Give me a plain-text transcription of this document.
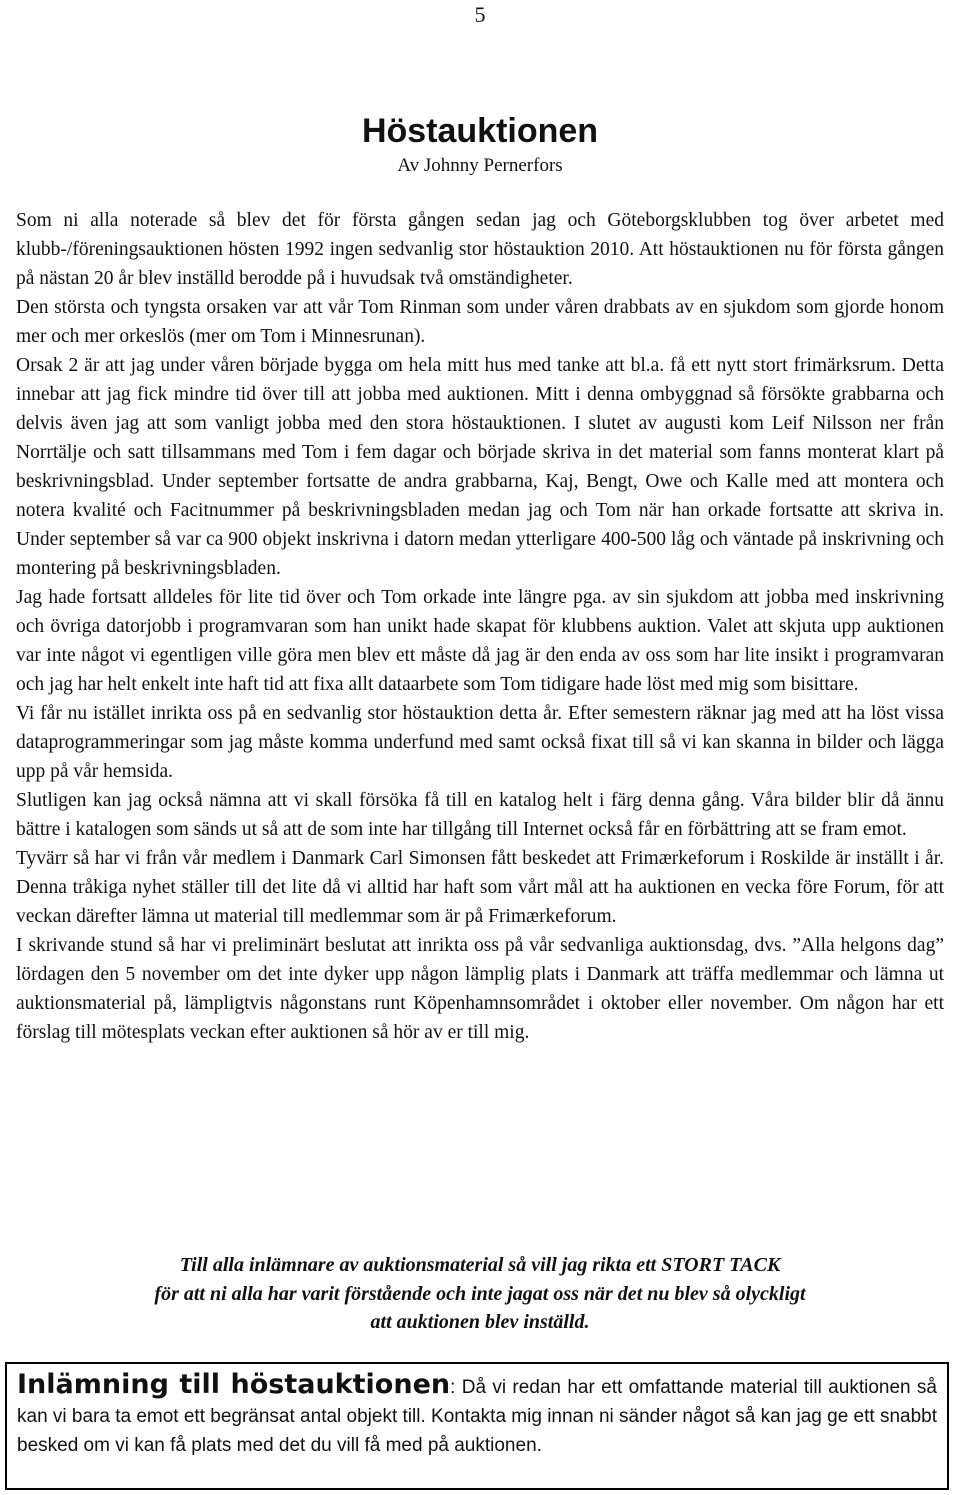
5
Höstauktionen
Av Johnny Pernerfors

Som ni alla noterade så blev det för första gången sedan jag och Göteborgsklubben tog över arbetet med klubb-/föreningsauktionen hösten 1992 ingen sedvanlig stor höstauktion 2010. Att höstauktionen nu för första gången på nästan 20 år blev inställd berodde på i huvudsak två omständigheter.

Den största och tyngsta orsaken var att vår Tom Rinman som under våren drabbats av en sjukdom som gjorde honom mer och mer orkeslös (mer om Tom i Minnesrunan).

Orsak 2 är att jag under våren började bygga om hela mitt hus med tanke att bl.a. få ett nytt stort frimärksrum. Detta innebar att jag fick mindre tid över till att jobba med auktionen. Mitt i denna ombyggnad så försökte grabbarna och delvis även jag att som vanligt jobba med den stora höstauktionen. I slutet av augusti kom Leif Nilsson ner från Norrtälje och satt tillsammans med Tom i fem dagar och började skriva in det material som fanns monterat klart på beskrivningsblad. Under september fortsatte de andra grabbarna, Kaj, Bengt, Owe och Kalle med att montera och notera kvalité och Facitnummer på beskrivningsbladen medan jag och Tom när han orkade fortsatte att skriva in. Under september så var ca 900 objekt inskrivna i datorn medan ytterligare 400-500 låg och väntade på inskrivning och montering på beskrivningsbladen.

Jag hade fortsatt alldeles för lite tid över och Tom orkade inte längre pga. av sin sjukdom att jobba med inskrivning och övriga datorjobb i programvaran som han unikt hade skapat för klubbens auktion. Valet att skjuta upp auktionen var inte något vi egentligen ville göra men blev ett måste då jag är den enda av oss som har lite insikt i programvaran och jag har helt enkelt inte haft tid att fixa allt dataarbete som Tom tidigare hade löst med mig som bisittare.

Vi får nu istället inrikta oss på en sedvanlig stor höstauktion detta år. Efter semestern räknar jag med att ha löst vissa dataprogrammeringar som jag måste komma underfund med samt också fixat till så vi kan skanna in bilder och lägga upp på vår hemsida.

Slutligen kan jag också nämna att vi skall försöka få till en katalog helt i färg denna gång. Våra bilder blir då ännu bättre i katalogen som sänds ut så att de som inte har tillgång till Internet också får en förbättring att se fram emot.

Tyvärr så har vi från vår medlem i Danmark Carl Simonsen fått beskedet att Frimærkeforum i Roskilde är inställt i år. Denna tråkiga nyhet ställer till det lite då vi alltid har haft som vårt mål att ha auktionen en vecka före Forum, för att veckan därefter lämna ut material till medlemmar som är på Frimærkeforum.

I skrivande stund så har vi preliminärt beslutat att inrikta oss på vår sedvanliga auktionsdag, dvs. ”Alla helgons dag” lördagen den 5 november om det inte dyker upp någon lämplig plats i Danmark att träffa medlemmar och lämna ut auktionsmaterial på, lämpligtvis någonstans runt Köpenhamnsområdet i oktober eller november. Om någon har ett förslag till mötesplats veckan efter auktionen så hör av er till mig.

Till alla inlämnare av auktionsmaterial så vill jag rikta ett STORT TACK
för att ni alla har varit förstående och inte jagat oss när det nu blev så olyckligt
att auktionen blev inställd.
Inlämning till höstauktionen: Då vi redan har ett omfattande material till auktionen så kan vi bara ta emot ett begränsat antal objekt till. Kontakta mig innan ni sänder något så kan jag ge ett snabbt besked om vi kan få plats med det du vill få med på auktionen.
